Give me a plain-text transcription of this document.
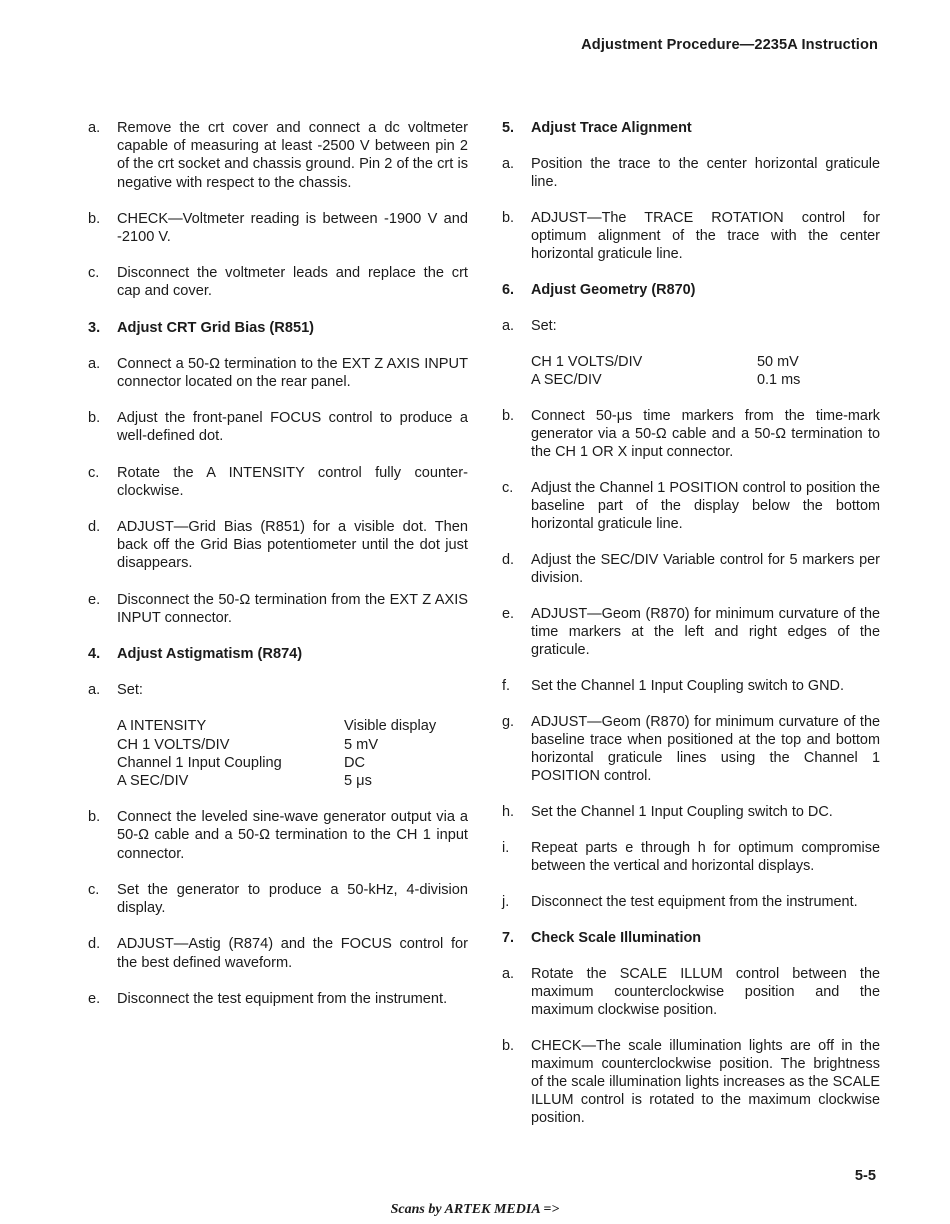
Adjustment Procedure—2235A Instruction
a. Remove the crt cover and connect a dc voltmeter capable of measuring at least -2500 V between pin 2 of the crt socket and chassis ground. Pin 2 of the crt is negative with respect to the chassis.
b. CHECK—Voltmeter reading is between -1900 V and -2100 V.
c. Disconnect the voltmeter leads and replace the crt cap and cover.
3. Adjust CRT Grid Bias (R851)
a. Connect a 50-Ω termination to the EXT Z AXIS INPUT connector located on the rear panel.
b. Adjust the front-panel FOCUS control to produce a well-defined dot.
c. Rotate the A INTENSITY control fully counter-clockwise.
d. ADJUST—Grid Bias (R851) for a visible dot. Then back off the Grid Bias potentiometer until the dot just disappears.
e. Disconnect the 50-Ω termination from the EXT Z AXIS INPUT connector.
4. Adjust Astigmatism (R874)
a. Set:
A INTENSITY	Visible display
CH 1 VOLTS/DIV	5 mV
Channel 1 Input Coupling	DC
A SEC/DIV	5 μs
b. Connect the leveled sine-wave generator output via a 50-Ω cable and a 50-Ω termination to the CH 1 input connector.
c. Set the generator to produce a 50-kHz, 4-division display.
d. ADJUST—Astig (R874) and the FOCUS control for the best defined waveform.
e. Disconnect the test equipment from the instrument.
5. Adjust Trace Alignment
a. Position the trace to the center horizontal graticule line.
b. ADJUST—The TRACE ROTATION control for optimum alignment of the trace with the center horizontal graticule line.
6. Adjust Geometry (R870)
a. Set:
CH 1 VOLTS/DIV	50 mV
A SEC/DIV	0.1 ms
b. Connect 50-μs time markers from the time-mark generator via a 50-Ω cable and a 50-Ω termination to the CH 1 OR X input connector.
c. Adjust the Channel 1 POSITION control to position the baseline part of the display below the bottom horizontal graticule line.
d. Adjust the SEC/DIV Variable control for 5 markers per division.
e. ADJUST—Geom (R870) for minimum curvature of the time markers at the left and right edges of the graticule.
f. Set the Channel 1 Input Coupling switch to GND.
g. ADJUST—Geom (R870) for minimum curvature of the baseline trace when positioned at the top and bottom horizontal graticule lines using the Channel 1 POSITION control.
h. Set the Channel 1 Input Coupling switch to DC.
i. Repeat parts e through h for optimum compromise between the vertical and horizontal displays.
j. Disconnect the test equipment from the instrument.
7. Check Scale Illumination
a. Rotate the SCALE ILLUM control between the maximum counterclockwise position and the maximum clockwise position.
b. CHECK—The scale illumination lights are off in the maximum counterclockwise position. The brightness of the scale illumination lights increases as the SCALE ILLUM control is rotated to the maximum clockwise position.
5-5
Scans by ARTEK MEDIA =>
